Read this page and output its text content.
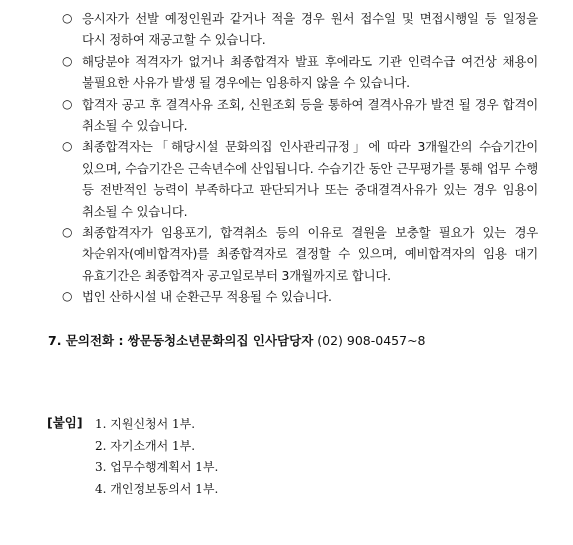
○ 응시자가 선발 예정인원과 같거나 적을 경우 원서 접수일 및 면접시행일 등 일정을 다시 정하여 재공고할 수 있습니다.
○ 해당분야 적격자가 없거나 최종합격자 발표 후에라도 기관 인력수급 여건상 채용이 불필요한 사유가 발생 될 경우에는 임용하지 않을 수 있습니다.
○ 합격자 공고 후 결격사유 조회, 신원조회 등을 통하여 결격사유가 발견 될 경우 합격이 취소될 수 있습니다.
○ 최종합격자는「해당시설 문화의집 인사관리규정」에 따라 3개월간의 수습기간이 있으며, 수습기간은 근속년수에 산입됩니다. 수습기간 동안 근무평가를 통해 업무 수행 등 전반적인 능력이 부족하다고 판단되거나 또는 중대결격사유가 있는 경우 임용이 취소될 수 있습니다.
○ 최종합격자가 임용포기, 합격취소 등의 이유로 결원을 보충할 필요가 있는 경우 차순위자(예비합격자)를 최종합격자로 결정할 수 있으며, 예비합격자의 임용 대기 유효기간은 최종합격자 공고일로부터 3개월까지로 합니다.
○ 법인 산하시설 내 순환근무 적용될 수 있습니다.
7. 문의전화 : 쌍문동청소년문화의집 인사담당자 (02) 908-0457~8
[붙임] 1. 지원신청서 1부.
2. 자기소개서 1부.
3. 업무수행계획서 1부.
4. 개인정보동의서 1부.
